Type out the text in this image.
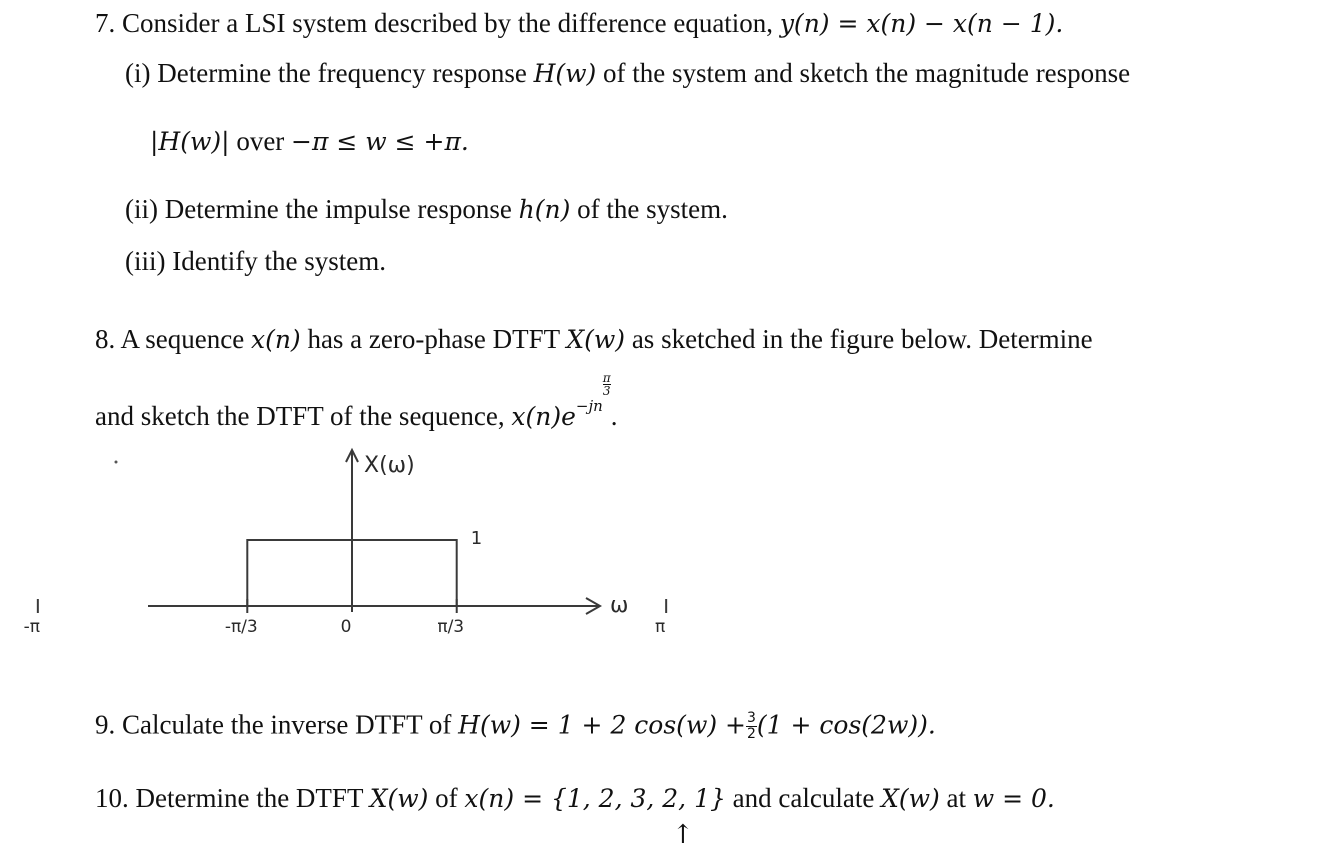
7. Consider a LSI system described by the difference equation, y(n) = x(n) − x(n − 1).
(i) Determine the frequency response H(w) of the system and sketch the magnitude response
|H(w)| over −π ≤ w ≤ +π.
(ii) Determine the impulse response h(n) of the system.
(iii) Identify the system.
8. A sequence x(n) has a zero-phase DTFT X(w) as sketched in the figure below. Determine
and sketch the DTFT of the sequence, $x(n)e^{-jn \frac{\pi}{3}}$
.
-π	-π/3	0	π/3	π
X(ω)
ω
1
9. Calculate the inverse DTFT of H(w) = 1 + 2 $\cos(w) + \frac{3}{2} (1 + \cos(2w))$.
10. Determine the DTFT X(w) of x(n) = {1, 2, 3, 2, 1} and calculate X(w) at w = 0.
↑
